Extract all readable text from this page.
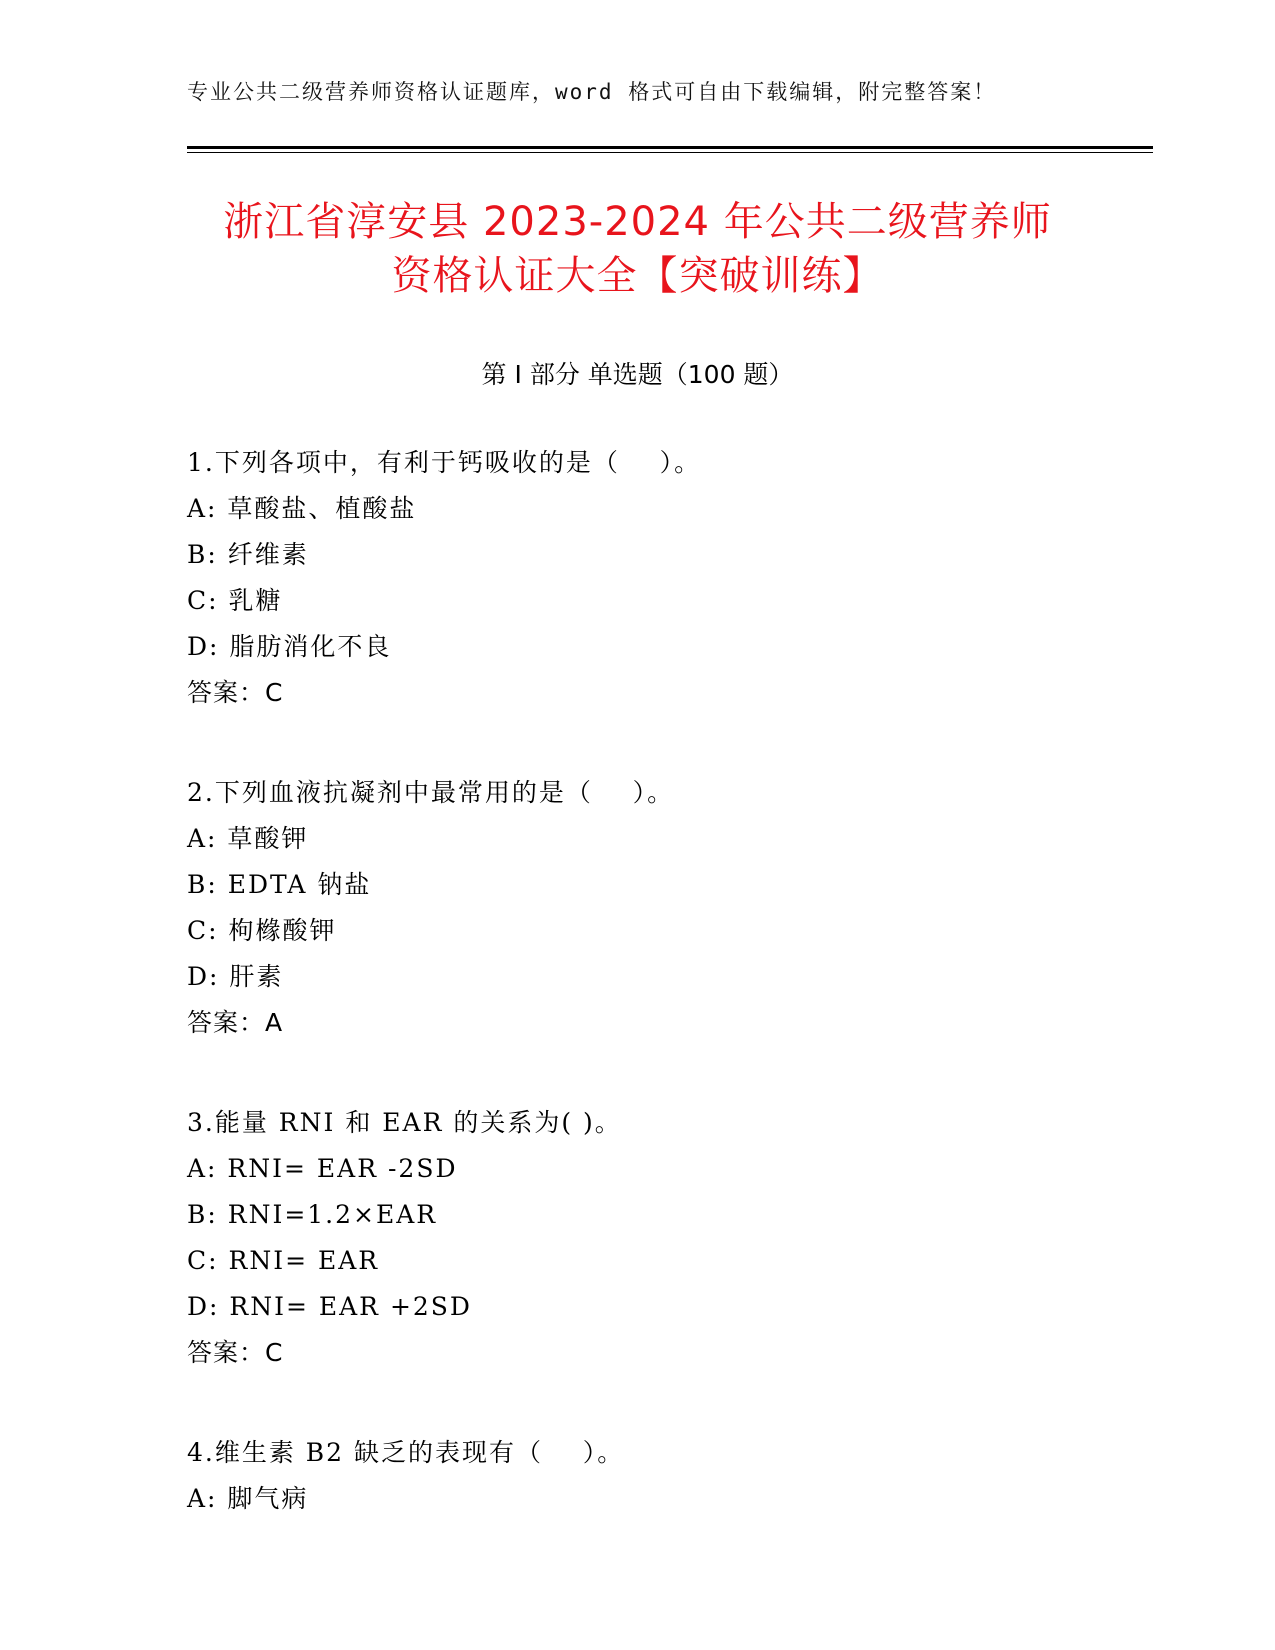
专业公共二级营养师资格认证题库，word 格式可自由下载编辑，附完整答案！
浙江省淳安县 2023-2024 年公共二级营养师
资格认证大全【突破训练】
第 I 部分 单选题（100 题）
1.下列各项中，有利于钙吸收的是（    ）。
A: 草酸盐、植酸盐
B: 纤维素
C: 乳糖
D: 脂肪消化不良
答案：C
2.下列血液抗凝剂中最常用的是（    ）。
A: 草酸钾
B: EDTA 钠盐
C: 枸橼酸钾
D: 肝素
答案：A
3.能量 RNI 和 EAR 的关系为( )。
A: RNI= EAR -2SD
B: RNI=1.2×EAR
C: RNI= EAR
D: RNI= EAR +2SD
答案：C
4.维生素 B2 缺乏的表现有（    ）。
A: 脚气病
